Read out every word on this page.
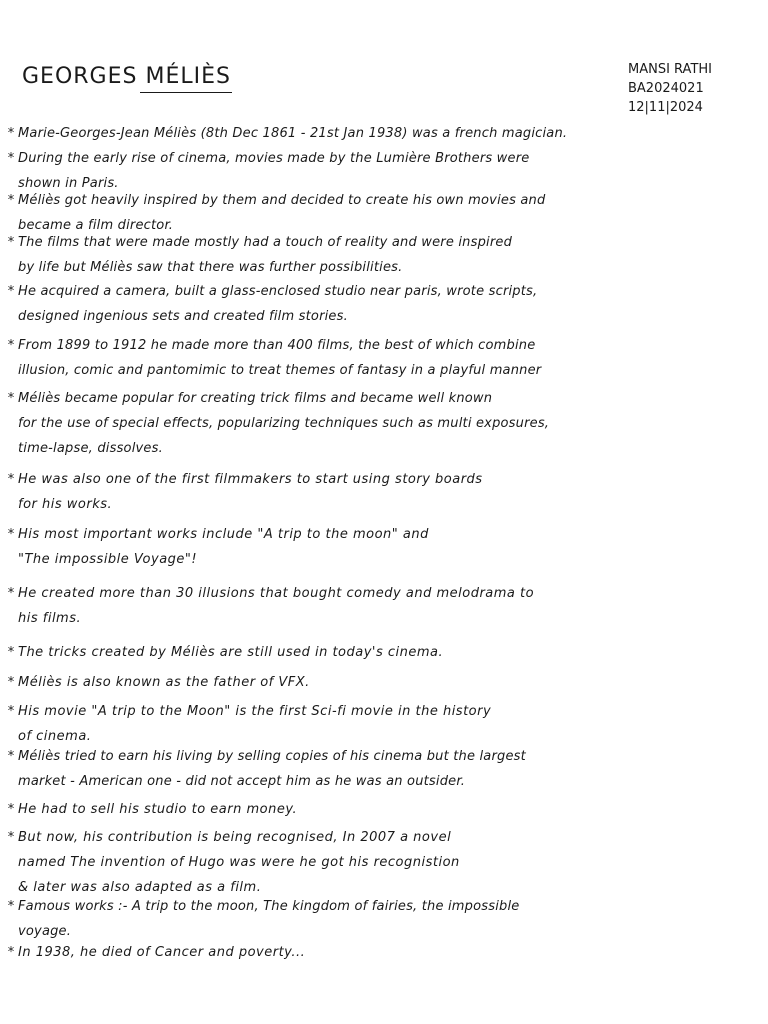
GEORGES MÉLIÈS	MANSI RATHI
BA2024021
12|11|2024
* Marie-Georges-Jean Méliès (8th Dec 1861 - 21st Jan 1938) was a french magician.
* During the early rise of cinema, movies made by the Lumière Brothers were
shown in Paris.
* Méliès got heavily inspired by them and decided to create his own movies and
became a film director.
* The films that were made mostly had a touch of reality and were inspired
by life but Méliès saw that there was further possibilities.
* He acquired a camera, built a glass-enclosed studio near paris, wrote scripts,
designed ingenious sets and created film stories.
* From 1899 to 1912 he made more than 400 films, the best of which combine
illusion, comic and pantomimic to treat themes of fantasy in a playful manner
* Méliès became popular for creating trick films and became well known
for the use of special effects, popularizing techniques such as multi exposures,
time-lapse, dissolves.
* He was also one of the first filmmakers to start using story boards
for his works.
* His most important works include "A trip to the moon" and
"The impossible Voyage"!
* He created more than 30 illusions that bought comedy and melodrama to
his films.
* The tricks created by Méliès are still used in today's cinema.
* Méliès is also known as the father of VFX.
* His movie "A trip to the Moon" is the first Sci-fi movie in the history
of cinema.
* Méliès tried to earn his living by selling copies of his cinema but the largest
market - American one - did not accept him as he was an outsider.
* He had to sell his studio to earn money.
* But now, his contribution is being recognised, In 2007 a novel
named The invention of Hugo was were he got his recognistion
& later was also adapted as a film.
* Famous works :- A trip to the moon, The kingdom of fairies, the impossible
voyage.
* In 1938, he died of Cancer and poverty...
